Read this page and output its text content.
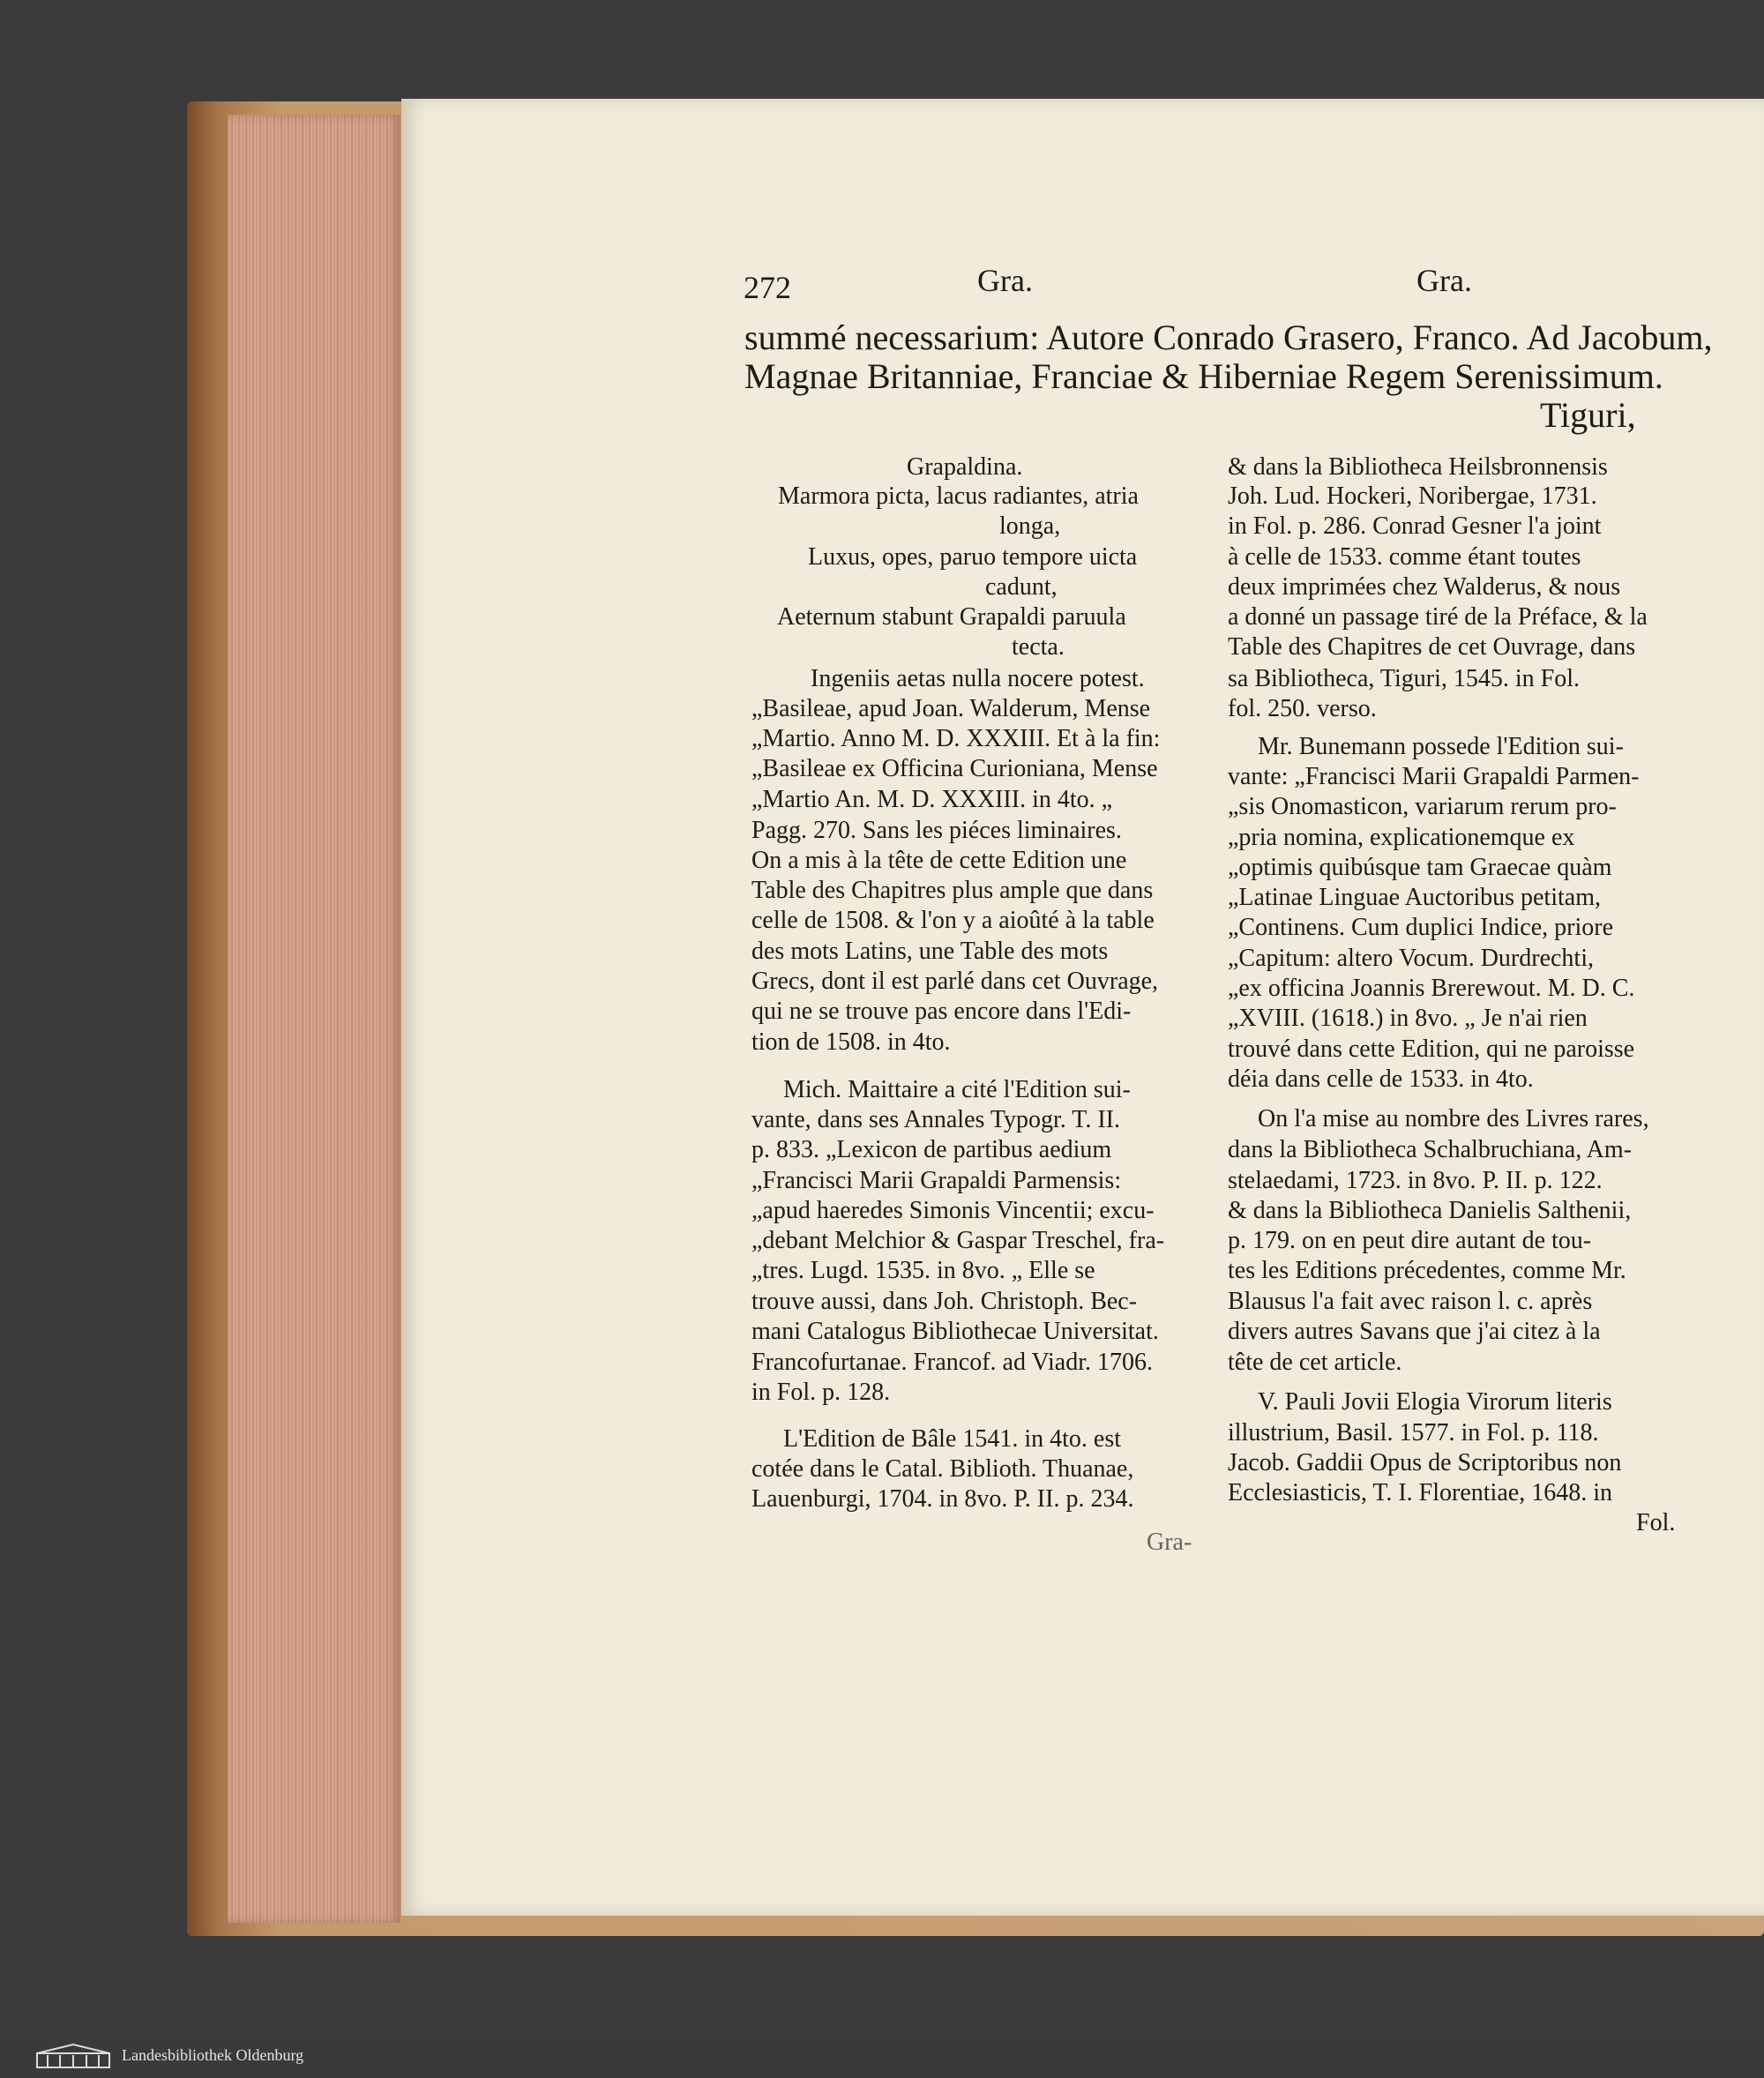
272	Gra.	Gra.
summé necessarium: Autore Conrado Grasero, Franco. Ad Jacobum,
Magnae Britanniae, Franciae & Hiberniae Regem Serenissimum.
Tiguri,
Grapaldina.
Marmora picta, lacus radiantes, atria
longa,
Luxus, opes, paruo tempore uicta
cadunt,
Aeternum stabunt Grapaldi paruula
tecta.
Ingeniis aetas nulla nocere potest.
„Basileae, apud Joan. Walderum, Mense
„Martio. Anno M. D. XXXIII. Et à la fin:
„Basileae ex Officina Curioniana, Mense
„Martio An. M. D. XXXIII. in 4to. „
Pagg. 270. Sans les piéces liminaires.
On a mis à la tête de cette Edition une
Table des Chapitres plus ample que dans
celle de 1508. & l'on y a aioûté à la table
des mots Latins, une Table des mots
Grecs, dont il est parlé dans cet Ouvrage,
qui ne se trouve pas encore dans l'Edi-
tion de 1508. in 4to.
Mich. Maittaire a cité l'Edition sui-
vante, dans ses Annales Typogr. T. II.
p. 833. „Lexicon de partibus aedium
„Francisci Marii Grapaldi Parmensis:
„apud haeredes Simonis Vincentii; excu-
„debant Melchior & Gaspar Treschel, fra-
„tres. Lugd. 1535. in 8vo. „ Elle se
trouve aussi, dans Joh. Christoph. Bec-
mani Catalogus Bibliothecae Universitat.
Francofurtanae. Francof. ad Viadr. 1706.
in Fol. p. 128.
L'Edition de Bâle 1541. in 4to. est
cotée dans le Catal. Biblioth. Thuanae,
Lauenburgi, 1704. in 8vo. P. II. p. 234.
& dans la Bibliotheca Heilsbronnensis
Joh. Lud. Hockeri, Noribergae, 1731.
in Fol. p. 286. Conrad Gesner l'a joint
à celle de 1533. comme étant toutes
deux imprimées chez Walderus, & nous
a donné un passage tiré de la Préface, & la
Table des Chapitres de cet Ouvrage, dans
sa Bibliotheca, Tiguri, 1545. in Fol.
fol. 250. verso.
Mr. Bunemann possede l'Edition sui-
vante: „Francisci Marii Grapaldi Parmen-
„sis Onomasticon, variarum rerum pro-
„pria nomina, explicationemque ex
„optimis quibúsque tam Graecae quàm
„Latinae Linguae Auctoribus petitam,
„Continens. Cum duplici Indice, priore
„Capitum: altero Vocum. Durdrechti,
„ex officina Joannis Brerewout. M. D. C.
„XVIII. (1618.) in 8vo. „ Je n'ai rien
trouvé dans cette Edition, qui ne paroisse
déia dans celle de 1533. in 4to.
On l'a mise au nombre des Livres rares,
dans la Bibliotheca Schalbruchiana, Am-
stelaedami, 1723. in 8vo. P. II. p. 122.
& dans la Bibliotheca Danielis Salthenii,
p. 179. on en peut dire autant de tou-
tes les Editions précedentes, comme Mr.
Blausus l'a fait avec raison l. c. après
divers autres Savans que j'ai citez à la
tête de cet article.
V. Pauli Jovii Elogia Virorum literis
illustrium, Basil. 1577. in Fol. p. 118.
Jacob. Gaddii Opus de Scriptoribus non
Ecclesiasticis, T. I. Florentiae, 1648. in
Fol.
Gra-
Landesbibliothek Oldenburg
